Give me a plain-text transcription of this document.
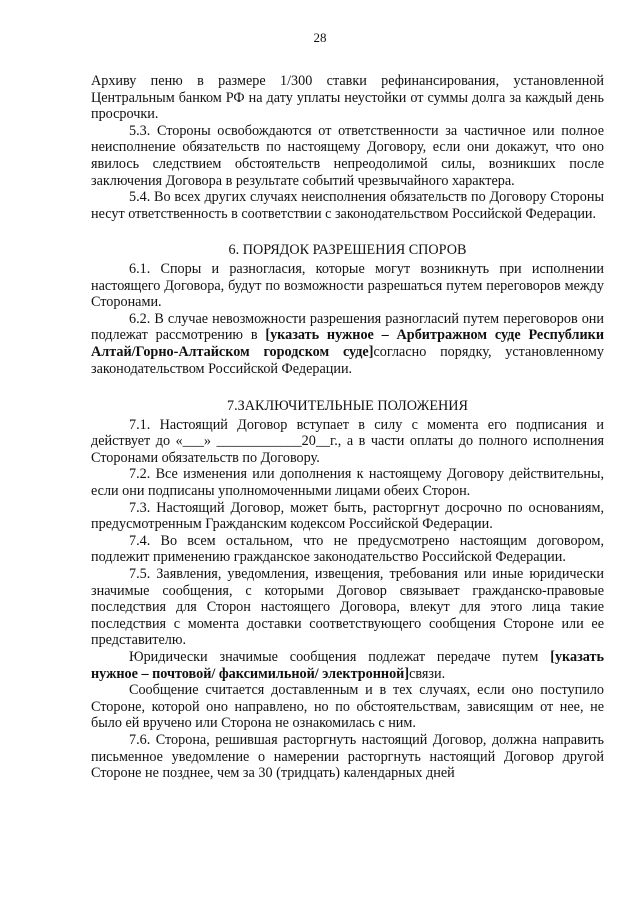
28

Архиву пеню в размере 1/300 ставки рефинансирования, установленной Центральным банком РФ на дату уплаты неустойки от суммы долга за каждый день просрочки.

5.3. Стороны освобождаются от ответственности за частичное или полное неисполнение обязательств по настоящему Договору, если они докажут, что оно явилось следствием обстоятельств непреодолимой силы, возникших после заключения Договора в результате событий чрезвычайного характера.

5.4. Во всех других случаях неисполнения обязательств по Договору Стороны несут ответственность в соответствии с законодательством Российской Федерации.

6. ПОРЯДОК РАЗРЕШЕНИЯ СПОРОВ

6.1. Споры и разногласия, которые могут возникнуть при исполнении настоящего Договора, будут по возможности разрешаться путем переговоров между Сторонами.

6.2. В случае невозможности разрешения разногласий путем переговоров они подлежат рассмотрению в [указать нужное – Арбитражном суде Республики Алтай/Горно-Алтайском городском суде]согласно порядку, установленному законодательством Российской Федерации.

7.ЗАКЛЮЧИТЕЛЬНЫЕ ПОЛОЖЕНИЯ

7.1. Настоящий Договор вступает в силу с момента его подписания и действует до «___» ____________20__г., а в части оплаты до полного исполнения Сторонами обязательств по Договору.

7.2. Все изменения или дополнения к настоящему Договору действительны, если они подписаны уполномоченными лицами обеих Сторон.

7.3. Настоящий Договор, может быть, расторгнут досрочно по основаниям, предусмотренным Гражданским кодексом Российской Федерации.

7.4. Во всем остальном, что не предусмотрено настоящим договором, подлежит применению гражданское законодательство Российской Федерации.

7.5. Заявления, уведомления, извещения, требования или иные юридически значимые сообщения, с которыми Договор связывает гражданско-правовые последствия для Сторон настоящего Договора, влекут для этого лица такие последствия с момента доставки соответствующего сообщения Стороне или ее представителю.

Юридически значимые сообщения подлежат передаче путем [указать нужное – почтовой/ факсимильной/ электронной]связи.

Сообщение считается доставленным и в тех случаях, если оно поступило Стороне, которой оно направлено, но по обстоятельствам, зависящим от нее, не было ей вручено или Сторона не ознакомилась с ним.

7.6. Сторона, решившая расторгнуть настоящий Договор, должна направить письменное уведомление о намерении расторгнуть настоящий Договор другой Стороне не позднее, чем за 30 (тридцать) календарных дней
